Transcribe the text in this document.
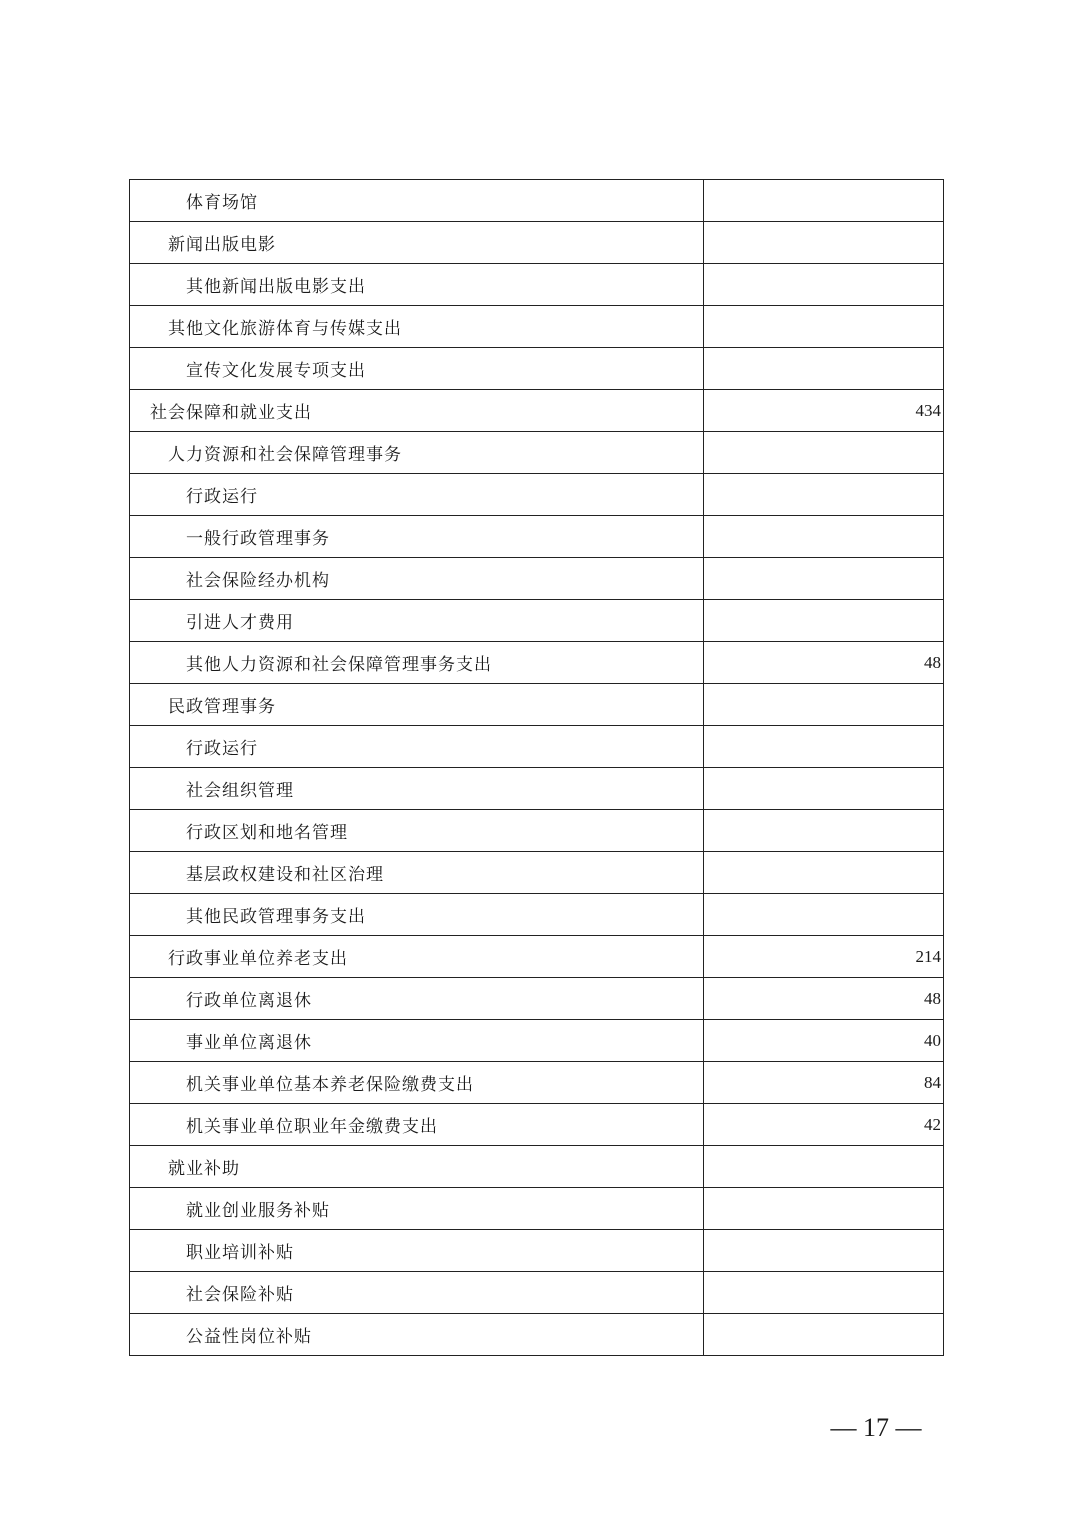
体育场馆
新闻出版电影
其他新闻出版电影支出
其他文化旅游体育与传媒支出
宣传文化发展专项支出
社会保障和就业支出	434
人力资源和社会保障管理事务
行政运行
一般行政管理事务
社会保险经办机构
引进人才费用
其他人力资源和社会保障管理事务支出	48
民政管理事务
行政运行
社会组织管理
行政区划和地名管理
基层政权建设和社区治理
其他民政管理事务支出
行政事业单位养老支出	214
行政单位离退休	48
事业单位离退休	40
机关事业单位基本养老保险缴费支出	84
机关事业单位职业年金缴费支出	42
就业补助
就业创业服务补贴
职业培训补贴
社会保险补贴
公益性岗位补贴
— 17 —
